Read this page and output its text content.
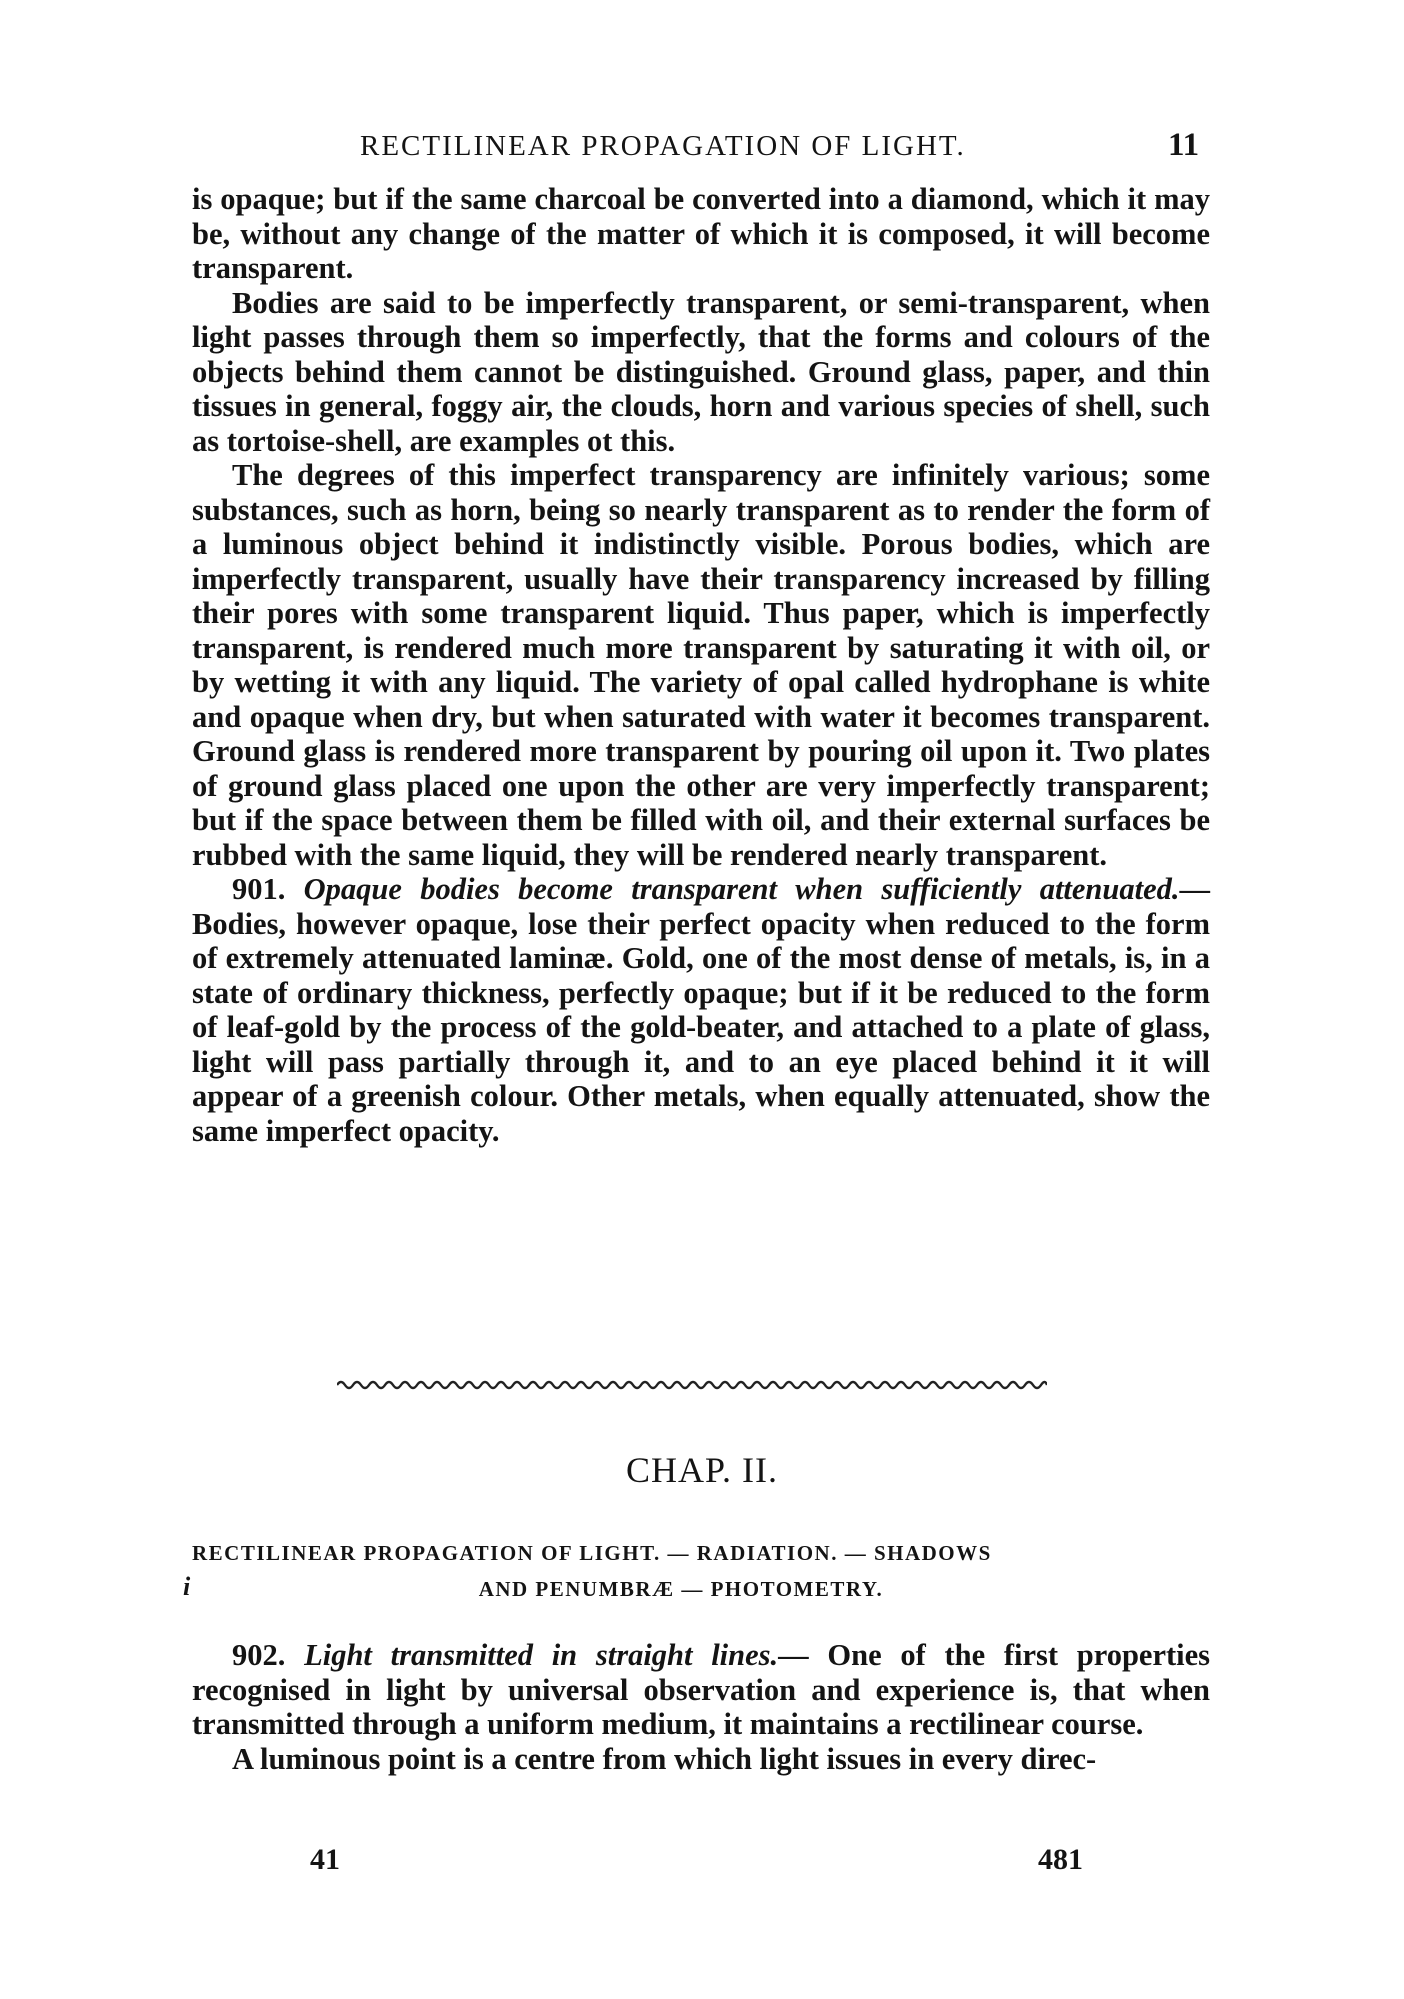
RECTILINEAR PROPAGATION OF LIGHT.	11

is opaque; but if the same charcoal be converted into a diamond, which it may be, without any change of the matter of which it is composed, it will become transparent.

Bodies are said to be imperfectly transparent, or semi-transparent, when light passes through them so imperfectly, that the forms and colours of the objects behind them cannot be distinguished. Ground glass, paper, and thin tissues in general, foggy air, the clouds, horn and various species of shell, such as tortoise-shell, are examples ot this.

The degrees of this imperfect transparency are infinitely various; some substances, such as horn, being so nearly transparent as to render the form of a luminous object behind it indistinctly visible. Porous bodies, which are imperfectly transparent, usually have their transparency increased by filling their pores with some transparent liquid. Thus paper, which is imperfectly transparent, is rendered much more transparent by saturating it with oil, or by wetting it with any liquid. The variety of opal called hydrophane is white and opaque when dry, but when saturated with water it becomes transparent. Ground glass is rendered more transparent by pouring oil upon it. Two plates of ground glass placed one upon the other are very imperfectly transparent; but if the space between them be filled with oil, and their external surfaces be rubbed with the same liquid, they will be rendered nearly transparent.

901. Opaque bodies become transparent when sufficiently attenuated.— Bodies, however opaque, lose their perfect opacity when reduced to the form of extremely attenuated laminæ. Gold, one of the most dense of metals, is, in a state of ordinary thickness, perfectly opaque; but if it be reduced to the form of leaf-gold by the process of the gold-beater, and attached to a plate of glass, light will pass partially through it, and to an eye placed behind it it will appear of a greenish colour. Other metals, when equally attenuated, show the same imperfect opacity.

CHAP. II.
RECTILINEAR PROPAGATION OF LIGHT. — RADIATION. — SHADOWS
AND PENUMBRÆ — PHOTOMETRY.
i

902. Light transmitted in straight lines.— One of the first properties recognised in light by universal observation and experience is, that when transmitted through a uniform medium, it maintains a rectilinear course.

A luminous point is a centre from which light issues in every direc-

41	481
